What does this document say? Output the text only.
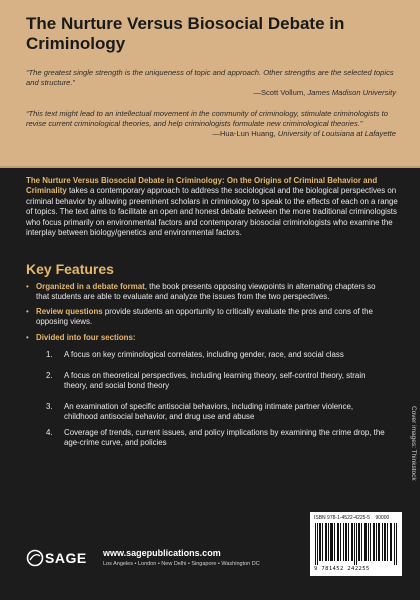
The Nurture Versus Biosocial Debate in Criminology

“The greatest single strength is the uniqueness of topic and approach. Other strengths are the selected topics and structure.”

—Scott Vollum, James Madison University

“This text might lead to an intellectual movement in the community of criminology, stimulate criminologists to revise current criminological theories, and help criminologists formulate new criminological theories.”

—Hua-Lun Huang, University of Louisiana at Lafayette

The Nurture Versus Biosocial Debate in Criminology: On the Origins of Criminal Behavior and Criminality takes a contemporary approach to address the sociological and the biological perspectives on criminal behavior by allowing preeminent scholars in criminology to speak to the effects of each on a range of topics. The text aims to facilitate an open and honest debate between the more traditional criminologists who focus primarily on environmental factors and contemporary biosocial criminologists who examine the interplay between biology/genetics and environmental factors.

Key Features
• Organized in a debate format, the book presents opposing viewpoints in alternating chapters so that students are able to evaluate and analyze the issues from the two perspectives.
• Review questions provide students an opportunity to critically evaluate the pros and cons of the opposing views.
• Divided into four sections:
1. A focus on key criminological correlates, including gender, race, and social class
2. A focus on theoretical perspectives, including learning theory, self-control theory, strain theory, and social bond theory
3. An examination of specific antisocial behaviors, including intimate partner violence, childhood antisocial behavior, and drug use and abuse
4. Coverage of trends, current issues, and policy implications by examining the crime drop, the age-crime curve, and policies	Cover images: Thinkstock
ISBN 978-1-4522-4225-5 90000
9 781452 242255
SAGE www.sagepublications.com
Los Angeles • London • New Delhi • Singapore • Washington DC
